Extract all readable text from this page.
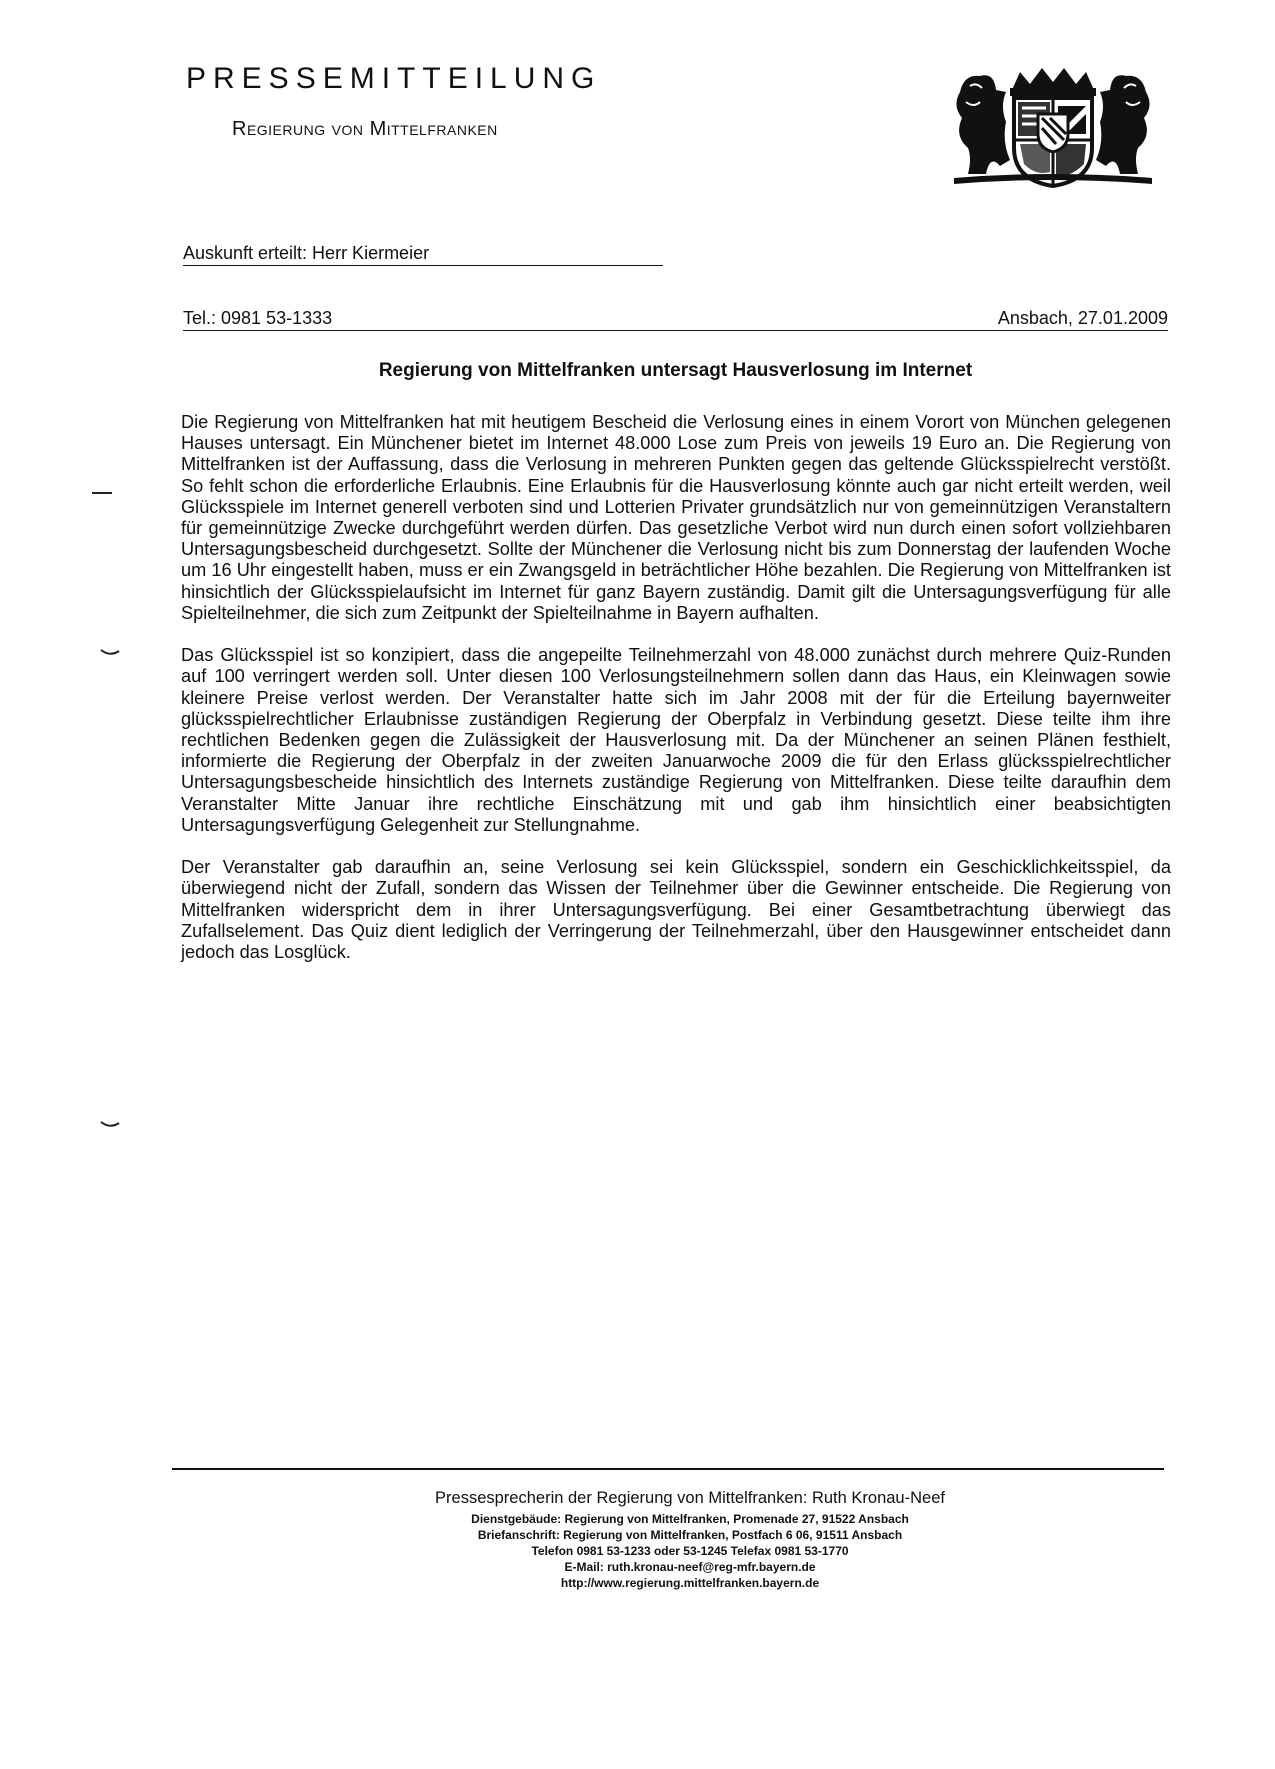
PRESSEMITTEILUNG
Regierung von Mittelfranken
Auskunft erteilt: Herr Kiermeier
Tel.: 0981 53-1333	Ansbach, 27.01.2009
Regierung von Mittelfranken untersagt Hausverlosung im Internet

Die Regierung von Mittelfranken hat mit heutigem Bescheid die Verlosung eines in einem Vorort von München gelegenen Hauses untersagt. Ein Münchener bietet im Internet 48.000 Lose zum Preis von jeweils 19 Euro an. Die Regierung von Mittelfranken ist der Auffassung, dass die Verlosung in mehreren Punkten gegen das geltende Glücksspielrecht verstößt. So fehlt schon die erforderliche Erlaubnis. Eine Erlaubnis für die Hausverlosung könnte auch gar nicht erteilt werden, weil Glücksspiele im Internet generell verboten sind und Lotterien Privater grundsätzlich nur von gemeinnützigen Veranstaltern für gemeinnützige Zwecke durchgeführt werden dürfen. Das gesetzliche Verbot wird nun durch einen sofort vollziehbaren Untersagungsbescheid durchgesetzt. Sollte der Münchener die Verlosung nicht bis zum Donnerstag der laufenden Woche um 16 Uhr eingestellt haben, muss er ein Zwangsgeld in beträchtlicher Höhe bezahlen. Die Regierung von Mittelfranken ist hinsichtlich der Glücksspielaufsicht im Internet für ganz Bayern zuständig. Damit gilt die Untersagungsverfügung für alle Spielteilnehmer, die sich zum Zeitpunkt der Spielteilnahme in Bayern aufhalten.

Das Glücksspiel ist so konzipiert, dass die angepeilte Teilnehmerzahl von 48.000 zunächst durch mehrere Quiz-Runden auf 100 verringert werden soll. Unter diesen 100 Verlosungsteilnehmern sollen dann das Haus, ein Kleinwagen sowie kleinere Preise verlost werden. Der Veranstalter hatte sich im Jahr 2008 mit der für die Erteilung bayernweiter glücksspielrechtlicher Erlaubnisse zuständigen Regierung der Oberpfalz in Verbindung gesetzt. Diese teilte ihm ihre rechtlichen Bedenken gegen die Zulässigkeit der Hausverlosung mit. Da der Münchener an seinen Plänen festhielt, informierte die Regierung der Oberpfalz in der zweiten Januarwoche 2009 die für den Erlass glücksspielrechtlicher Untersagungsbescheide hinsichtlich des Internets zuständige Regierung von Mittelfranken. Diese teilte daraufhin dem Veranstalter Mitte Januar ihre rechtliche Einschätzung mit und gab ihm hinsichtlich einer beabsichtigten Untersagungsverfügung Gelegenheit zur Stellungnahme.

Der Veranstalter gab daraufhin an, seine Verlosung sei kein Glücksspiel, sondern ein Geschicklichkeitsspiel, da überwiegend nicht der Zufall, sondern das Wissen der Teilnehmer über die Gewinner entscheide. Die Regierung von Mittelfranken widerspricht dem in ihrer Untersagungsverfügung. Bei einer Gesamtbetrachtung überwiegt das Zufallselement. Das Quiz dient lediglich der Verringerung der Teilnehmerzahl, über den Hausgewinner entscheidet dann jedoch das Losglück.

Pressesprecherin der Regierung von Mittelfranken: Ruth Kronau-Neef
Dienstgebäude: Regierung von Mittelfranken, Promenade 27, 91522 Ansbach
Briefanschrift: Regierung von Mittelfranken, Postfach 6 06, 91511 Ansbach
Telefon 0981 53-1233 oder 53-1245 Telefax 0981 53-1770
E-Mail: ruth.kronau-neef@reg-mfr.bayern.de
http://www.regierung.mittelfranken.bayern.de
